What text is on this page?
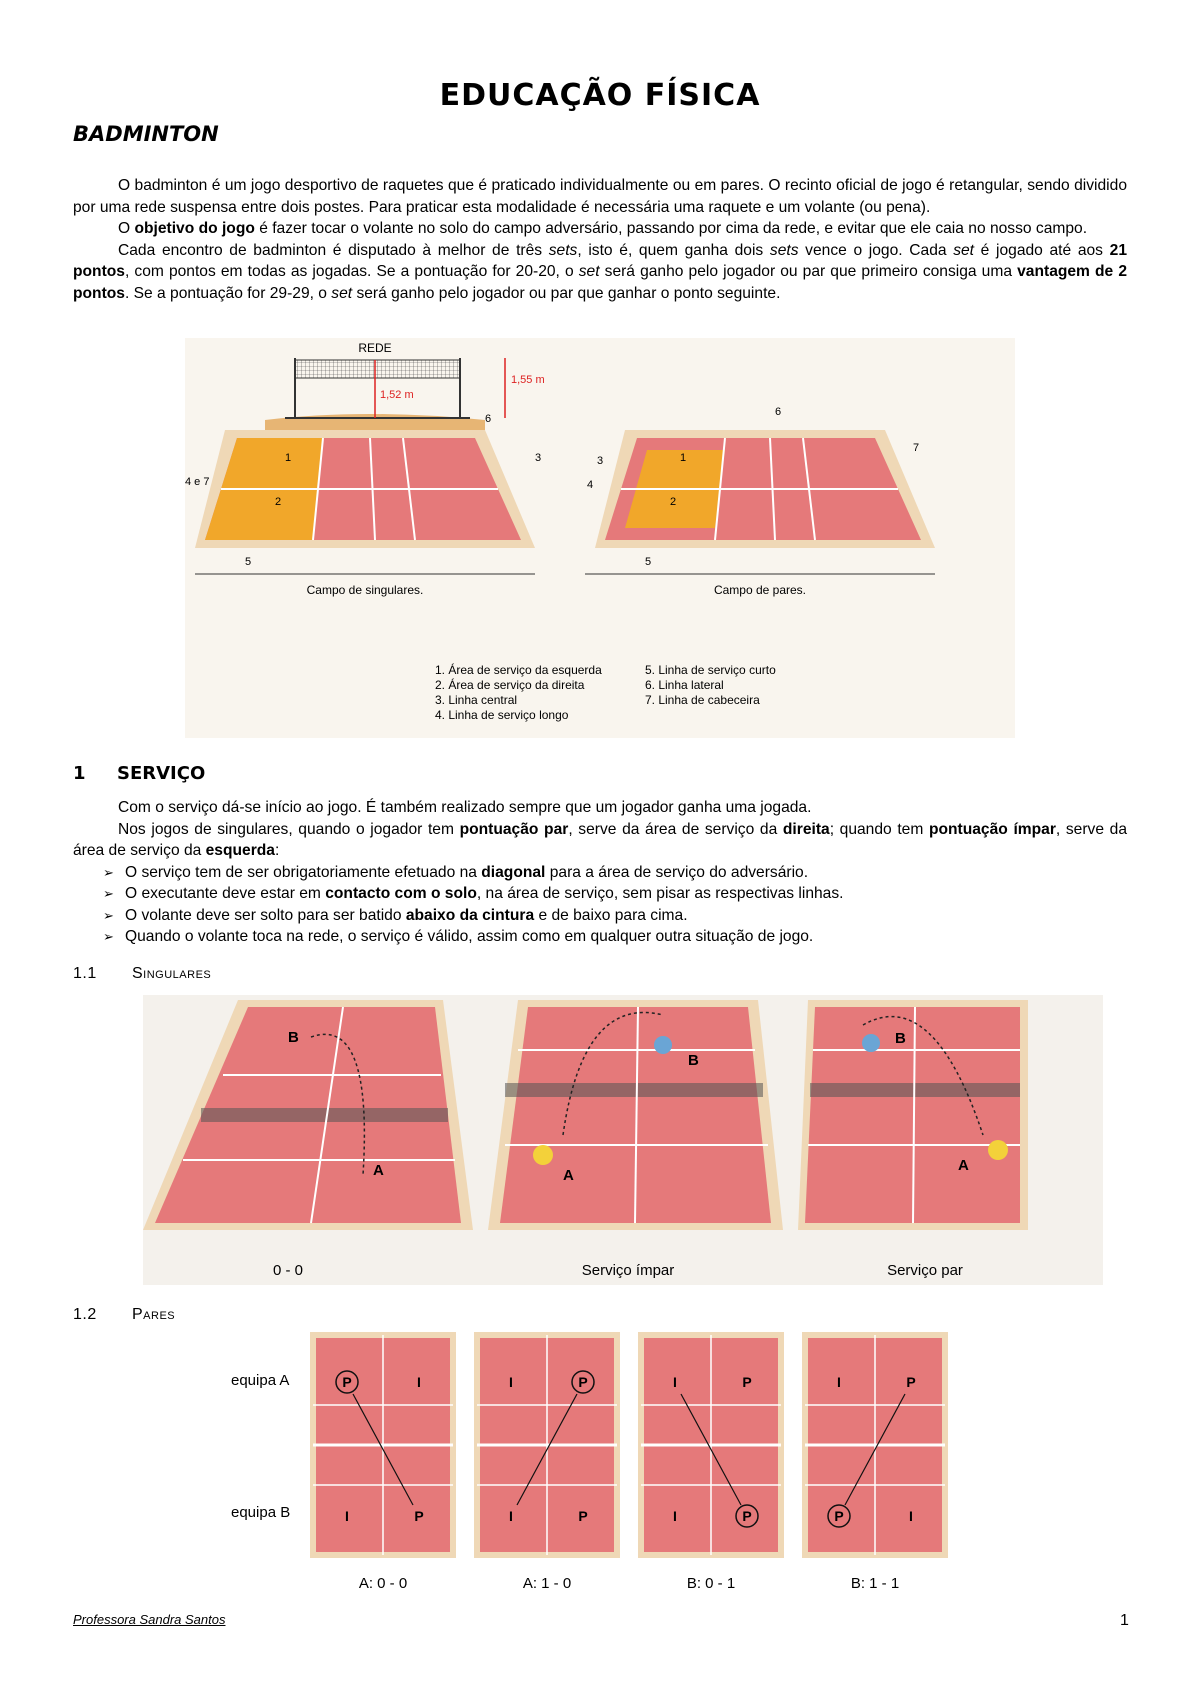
EDUCAÇÃO FÍSICA
BADMINTON

O badminton é um jogo desportivo de raquetes que é praticado individualmente ou em pares. O recinto oficial de jogo é retangular, sendo dividido por uma rede suspensa entre dois postes. Para praticar esta modalidade é necessária uma raquete e um volante (ou pena).

O objetivo do jogo é fazer tocar o volante no solo do campo adversário, passando por cima da rede, e evitar que ele caia no nosso campo.

Cada encontro de badminton é disputado à melhor de três sets, isto é, quem ganha dois sets vence o jogo. Cada set é jogado até aos 21 pontos, com pontos em todas as jogadas. Se a pontuação for 20-20, o set será ganho pelo jogador ou par que primeiro consiga uma vantagem de 2 pontos. Se a pontuação for 29-29, o set será ganho pelo jogador ou par que ganhar o ponto seguinte.

REDE
1,52 m
1,55 m
1
2
4 e 7
3
6
5
Campo de singulares.
1
2
3
4
6
7
5
Campo de pares.
1. Área de serviço da esquerda
2. Área de serviço da direita
3. Linha central
4. Linha de serviço longo
5. Linha de serviço curto
6. Linha lateral
7. Linha de cabeceira
1 SERVIÇO

Com o serviço dá-se início ao jogo. É também realizado sempre que um jogador ganha uma jogada.

Nos jogos de singulares, quando o jogador tem pontuação par, serve da área de serviço da direita; quando tem pontuação ímpar, serve da área de serviço da esquerda:

➢ O serviço tem de ser obrigatoriamente efetuado na diagonal para a área de serviço do adversário.
➢ O executante deve estar em contacto com o solo, na área de serviço, sem pisar as respectivas linhas.
➢ O volante deve ser solto para ser batido abaixo da cintura e de baixo para cima.
➢ Quando o volante toca na rede, o serviço é válido, assim como em qualquer outra situação de jogo.
1.1 Singulares
B
A
0 - 0
B
A
Serviço ímpar
B
A
Serviço par
1.2 Pares
equipa A
equipa B
P	I
I	P
A: 0 - 0
I	P
I	P
A: 1 - 0
I	P
I	P
B: 0 - 1
I	P
P	I
B: 1 - 1
Professora Sandra Santos	1
